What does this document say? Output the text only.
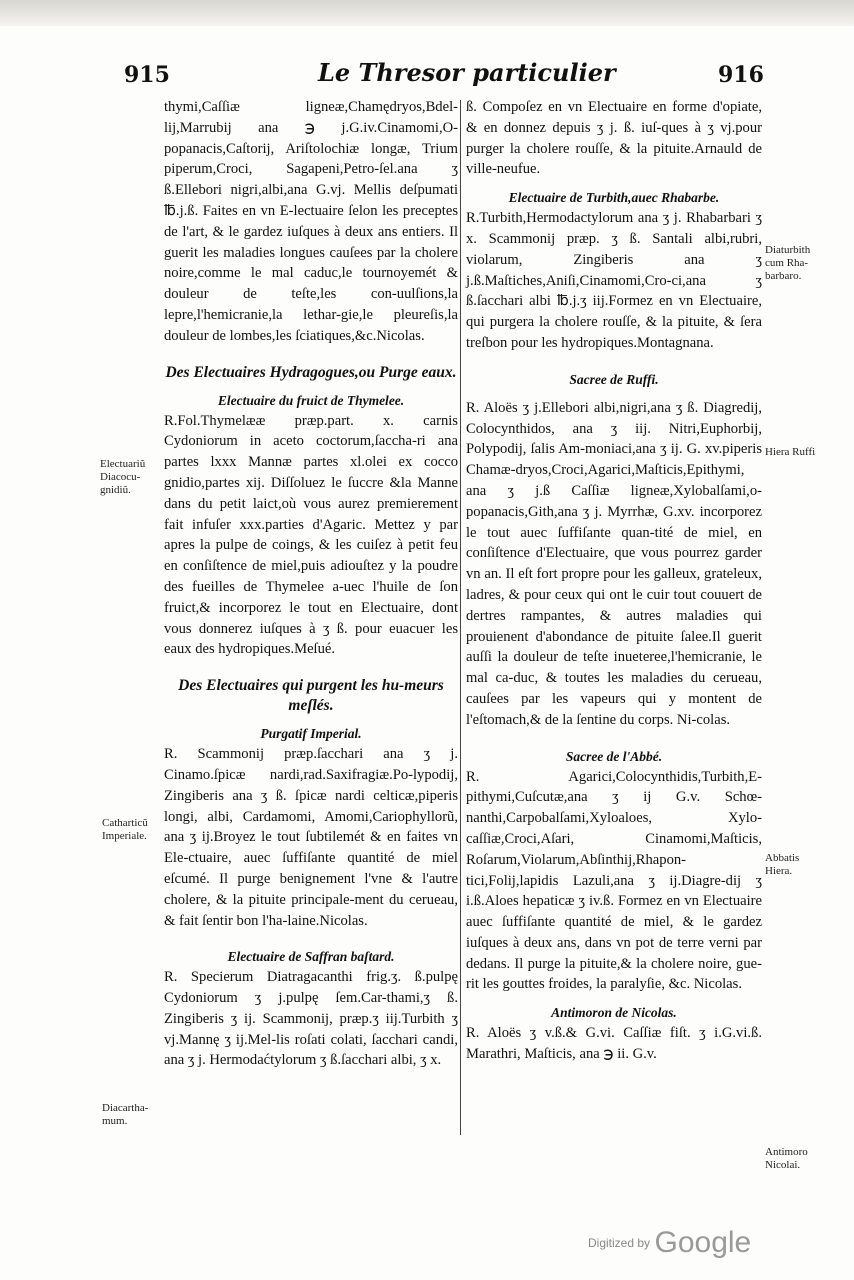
915	Le Thresor particulier	916

thymi,Caſſiæ ligneæ,Chamędryos,Bdel-lij,Marrubij ana ℈ j.G.iv.Cinamomi,O-popanacis,Caſtorij, Ariſtolochiæ longæ, Trium piperum,Croci, Sagapeni,Petro-ſel.ana ʒ ß.Ellebori nigri,albi,ana G.vj. Mellis deſpumati ℔.j.ß. Faites en vn E-lectuaire ſelon les preceptes de l'art, & le gardez iuſques à deux ans entiers. Il guerit les maladies longues cauſees par la cholere noire,comme le mal caduc,le tournoyemét & douleur de teſte,les con-uulſions,la lepre,l'hemicranie,la lethar-gie,le pleureſis,la douleur de lombes,les ſciatiques,&c.Nicolas.

Des Electuaires Hydragogues,ou Purge eaux.
Electuaire du fruict de Thymelee.

R.Fol.Thymelææ præp.part. x. carnis Cydoniorum in aceto coctorum,ſaccha-ri ana partes lxxx Mannæ partes xl.olei ex cocco gnidio,partes xij. Diſſoluez le ſuccre &la Manne dans du petit laict,où vous aurez premierement fait infuſer xxx.parties d'Agaric. Mettez y par apres la pulpe de coings, & les cuiſez à petit feu en conſiſtence de miel,puis adiouſtez y la poudre des fueilles de Thymelee a-uec l'huile de ſon fruict,& incorporez le tout en Electuaire, dont vous donnerez iuſques à ʒ ß. pour euacuer les eaux des hydropiques.Meſué.

Des Electuaires qui purgent les hu-meurs meſlés.
Purgatif Imperial.

R. Scammonij præp.ſacchari ana ʒ j. Cinamo.ſpicæ nardi,rad.Saxifragiæ.Po-lypodij, Zingiberis ana ʒ ß. ſpicæ nardi celticæ,piperis longi, albi, Cardamomi, Amomi,Cariophyllorũ, ana ʒ ij.Broyez le tout ſubtilemét & en faites vn Ele-ctuaire, auec ſuffiſante quantité de miel eſcumé. Il purge benignement l'vne & l'autre cholere, & la pituite principale-ment du cerueau, & fait ſentir bon l'ha-laine.Nicolas.

Electuaire de Saffran baſtard.

R. Specierum Diatragacanthi frig.ʒ. ß.pulpę Cydoniorum ʒ j.pulpę ſem.Car-thami,ʒ ß. Zingiberis ʒ ij. Scammonij, præp.ʒ iij.Turbith ʒ vj.Mannę ʒ ij.Mel-lis roſati colati, ſacchari candi, ana ʒ j. Hermodaćtylorum ʒ ß.ſacchari albi, ʒ x.

ß. Compoſez en vn Electuaire en forme d'opiate, & en donnez depuis ʒ j. ß. iuſ-ques à ʒ vj.pour purger la cholere rouſſe, & la pituite.Arnauld de ville-neufue.

Electuaire de Turbith,auec Rhabarbe.

R.Turbith,Hermodactylorum ana ʒ j. Rhabarbari ʒ x. Scammonij præp. ʒ ß. Santali albi,rubri, violarum, Zingiberis ana ʒ j.ß.Maſtiches,Aniſi,Cinamomi,Cro-ci,ana ʒ ß.ſacchari albi ℔.j.ʒ iij.Formez en vn Electuaire, qui purgera la cholere rouſſe, & la pituite, & ſera treſbon pour les hydropiques.Montagnana.

Sacree de Ruffi.

R. Aloës ʒ j.Ellebori albi,nigri,ana ʒ ß. Diagredij, Colocynthidos, ana ʒ iij. Nitri,Euphorbij, Polypodij, ſalis Am-moniaci,ana ʒ ij. G. xv.piperis Chamæ-dryos,Croci,Agarici,Maſticis,Epithymi, ana ʒ j.ß Caſſiæ ligneæ,Xylobalſami,o-popanacis,Gith,ana ʒ j. Myrrhæ, G.xv. incorporez le tout auec ſuffiſante quan-tité de miel, en conſiſtence d'Electuaire, que vous pourrez garder vn an. Il eſt fort propre pour les galleux, grateleux, ladres, & pour ceux qui ont le cuir tout couuert de dertres rampantes, & autres maladies qui prouienent d'abondance de pituite ſalee.Il guerit auſſi la douleur de teſte inueteree,l'hemicranie, le mal ca-duc, & toutes les maladies du cerueau, cauſees par les vapeurs qui y montent de l'eſtomach,& de la ſentine du corps. Ni-colas.

Sacree de l'Abbé.

R. Agarici,Colocynthidis,Turbith,E-pithymi,Cuſcutæ,ana ʒ ij G.v. Schœ-nanthi,Carpobalſami,Xyloaloes, Xylo-caſſiæ,Croci,Aſari, Cinamomi,Maſticis, Roſarum,Violarum,Abſinthij,Rhapon-tici,Folij,lapidis Lazuli,ana ʒ ij.Diagre-dij ʒ i.ß.Aloes hepaticæ ʒ iv.ß. Formez en vn Electuaire auec ſuffiſante quantité de miel, & le gardez iuſques à deux ans, dans vn pot de terre verni par dedans. Il purge la pituite,& la cholere noire, gue-rit les gouttes froides, la paralyſie, &c. Nicolas.

Antimoron de Nicolas.

R. Aloës ʒ v.ß.& G.vi. Caſſiæ fiſt. ʒ i.G.vi.ß. Marathri, Maſticis, ana ℈ ii. G.v.

Electuariũ
Diacocu-
gnidiũ.
Catharticũ
Imperiale.
Diacartha-
mum.
Diaturbith
cum Rha-
barbaro.
Hiera Ruffi
Abbatis
Hiera.
Antimoro
Nicolai.
Digitized by Google
